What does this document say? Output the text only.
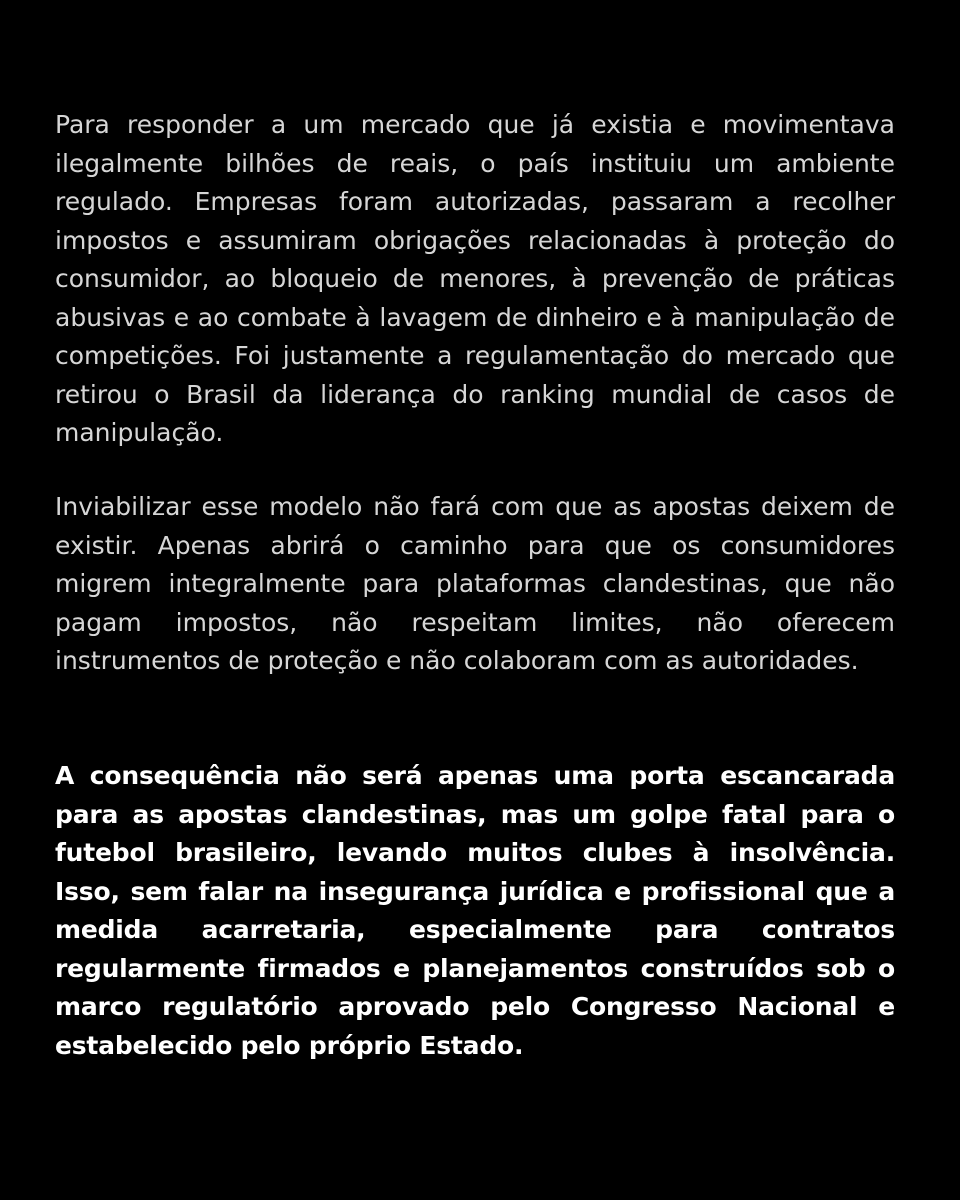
Para responder a um mercado que já existia e movimentava ilegalmente bilhões de reais, o país instituiu um ambiente regulado. Empresas foram autorizadas, passaram a recolher impostos e assumiram obrigações relacionadas à proteção do consumidor, ao bloqueio de menores, à prevenção de práticas abusivas e ao combate à lavagem de dinheiro e à manipulação de competições. Foi justamente a regulamentação do mercado que retirou o Brasil da liderança do ranking mundial de casos de manipulação.

Inviabilizar esse modelo não fará com que as apostas deixem de existir. Apenas abrirá o caminho para que os consumidores migrem integralmente para plataformas clandestinas, que não pagam impostos, não respeitam limites, não oferecem instrumentos de proteção e não colaboram com as autoridades.

A consequência não será apenas uma porta escancarada para as apostas clandestinas, mas um golpe fatal para o futebol brasileiro, levando muitos clubes à insolvência. Isso, sem falar na insegurança jurídica e profissional que a medida acarretaria, especialmente para contratos regularmente firmados e planejamentos construídos sob o marco regulatório aprovado pelo Congresso Nacional e estabelecido pelo próprio Estado.
